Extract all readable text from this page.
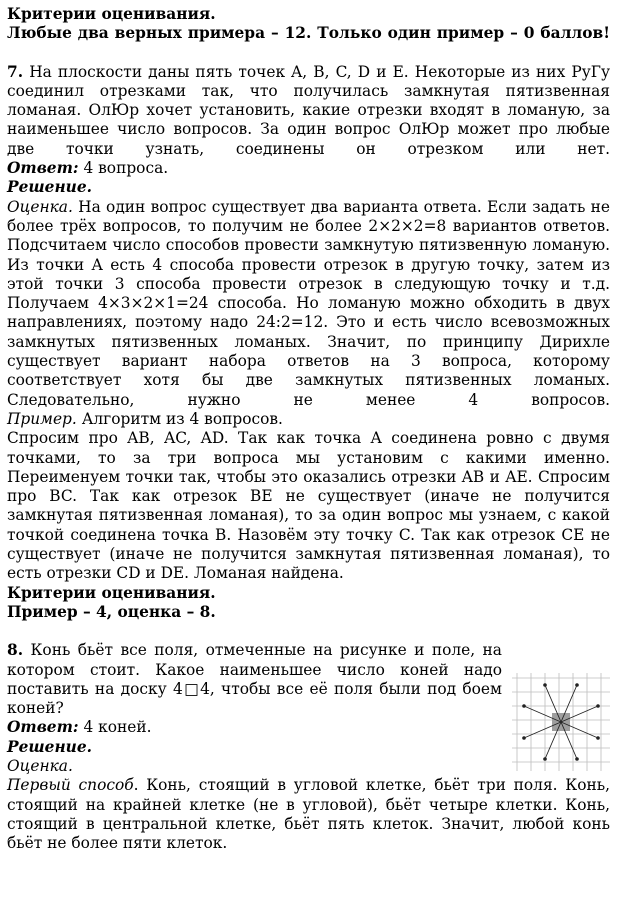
Критерии оценивания.

Любые два верных примера – 12. Только один пример – 0 баллов!

7. На плоскости даны пять точек A, B, C, D и E. Некоторые из них РуГу соединил отрезками так, что получилась замкнутая пятизвенная ломаная. ОлЮр хочет установить, какие отрезки входят в ломаную, за наименьшее число вопросов. За один вопрос ОлЮр может про любые две точки узнать, соединены он отрезком или нет.

Ответ: 4 вопроса.

Решение.

Оценка. На один вопрос существует два варианта ответа. Если задать не более трёх вопросов, то получим не более 2×2×2=8 вариантов ответов. Подсчитаем число способов провести замкнутую пятизвенную ломаную. Из точки A есть 4 способа провести отрезок в другую точку, затем из этой точки 3 способа провести отрезок в следующую точку и т.д. Получаем 4×3×2×1=24 способа. Но ломаную можно обходить в двух направлениях, поэтому надо 24:2=12. Это и есть число всевозможных замкнутых пятизвенных ломаных. Значит, по принципу Дирихле существует вариант набора ответов на 3 вопроса, которому соответствует хотя бы две замкнутых пятизвенных ломаных. Следовательно, нужно не менее 4 вопросов.

Пример. Алгоритм из 4 вопросов.

Спросим про AB, AC, AD. Так как точка A соединена ровно с двумя точками, то за три вопроса мы установим с какими именно. Переименуем точки так, чтобы это оказались отрезки AB и AE. Спросим про BC. Так как отрезок BE не существует (иначе не получится замкнутая пятизвенная ломаная), то за один вопрос мы узнаем, с какой точкой соединена точка B. Назовём эту точку C. Так как отрезок CE не существует (иначе не получится замкнутая пятизвенная ломаная), то есть отрезки CD и DE. Ломаная найдена.

Критерии оценивания.

Пример – 4, оценка – 8.

8. Конь бьёт все поля, отмеченные на рисунке и поле, на котором стоит. Какое наименьшее число коней надо поставить на доску 4□4, чтобы все её поля были под боем коней?

Ответ: 4 коней.

Решение.

Оценка.

Первый способ. Конь, стоящий в угловой клетке, бьёт три поля. Конь, стоящий на крайней клетке (не в угловой), бьёт четыре клетки. Конь, стоящий в центральной клетке, бьёт пять клеток. Значит, любой конь бьёт не более пяти клеток.
